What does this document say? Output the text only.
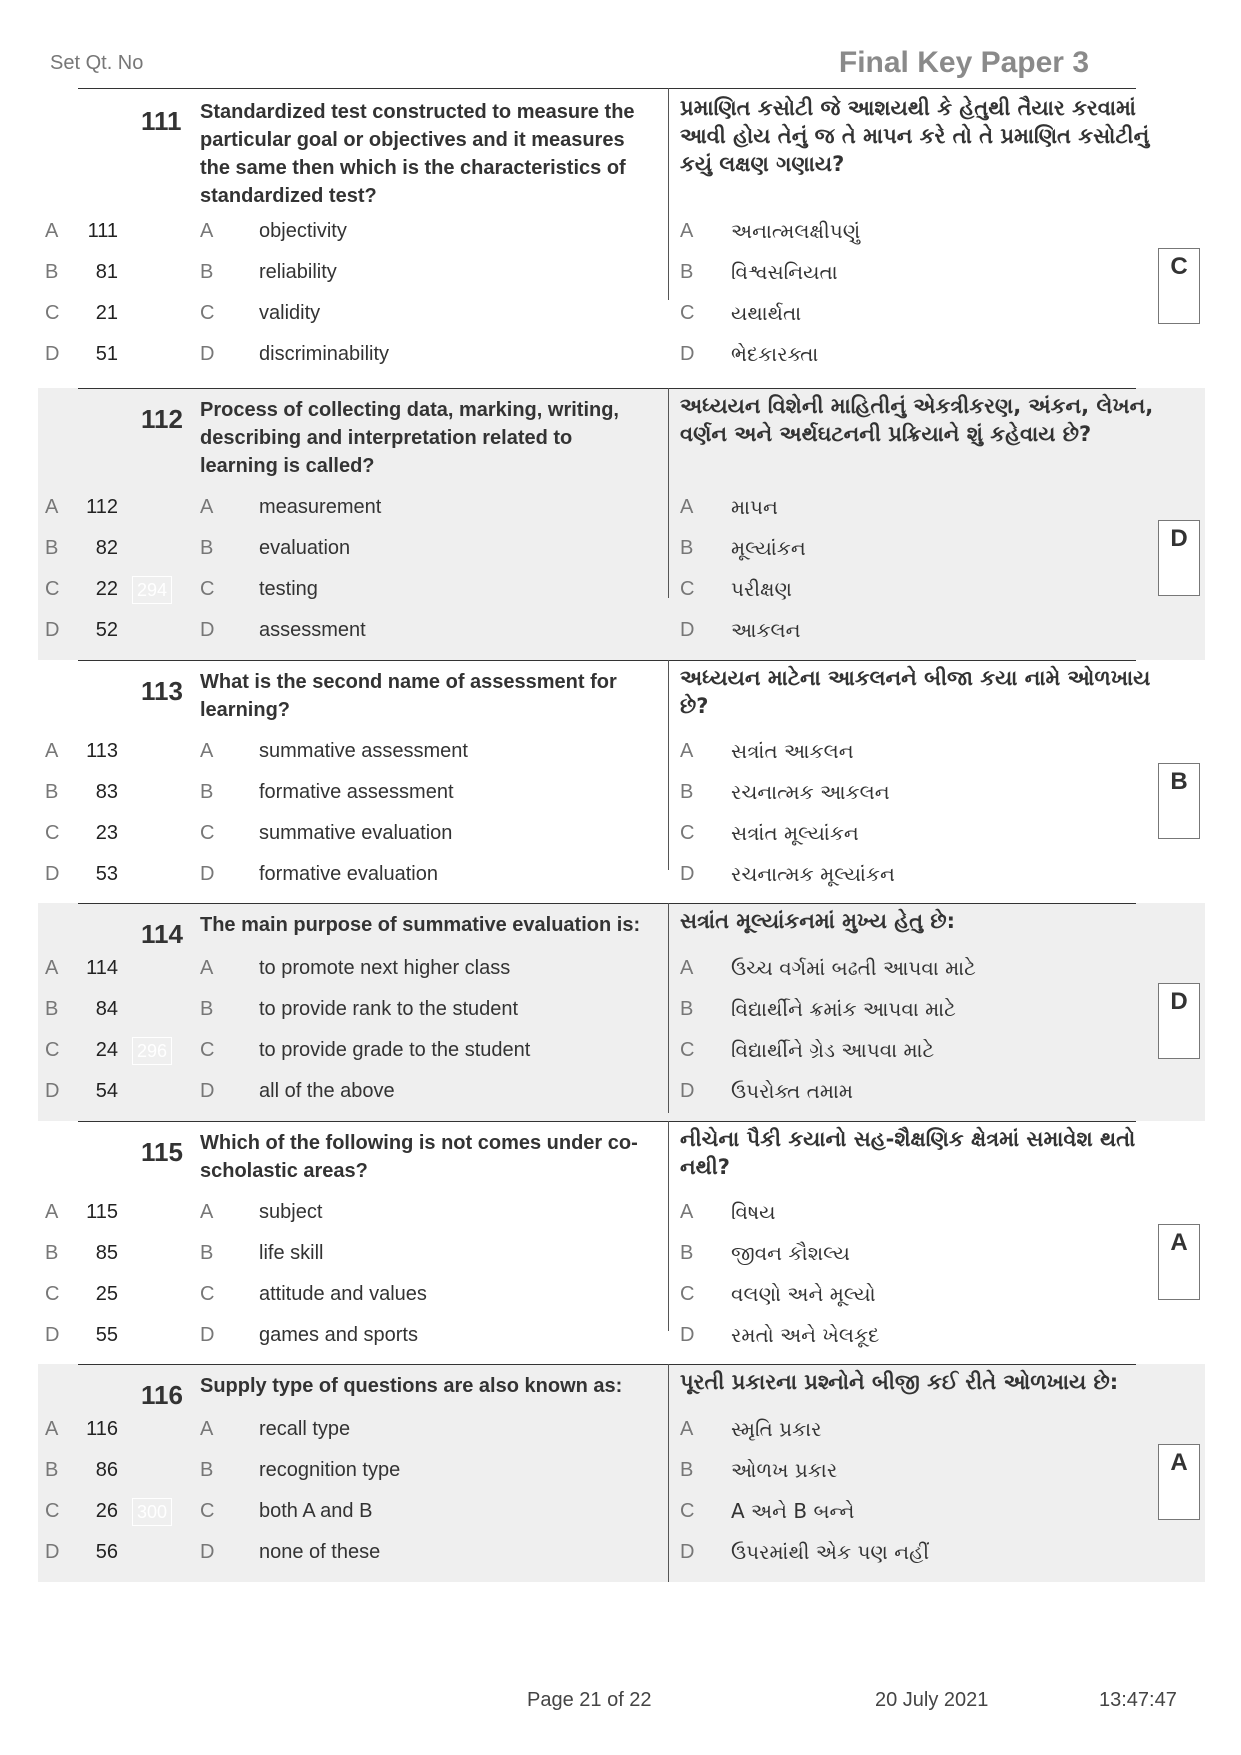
Set Qt. No	Final Key Paper 3
111 Standardized test constructed to measure the particular goal or objectives and it measures the same then which is the characteristics of standardized test?
પ્રમાણિત કસોટી જે આશયથી કે હેતુથી તૈયાર કરવામાં આવી હોય તેનું જ તે માપન કરે તો તે પ્રમાણિત કસોટીનું કયું લક્ષણ ગણાય?
A	111	A objectivity	A અનાત્મલક્ષીપણું
B	81	B reliability	B વિશ્વસનિયતા
C	21	C validity	C યથાર્થતા
D	51	D discriminability	D ભેદકારક્તા
C
112 Process of collecting data, marking, writing, describing and interpretation related to learning is called?
અધ્યયન વિશેની માહિતીનું એકત્રીકરણ, અંકન, લેખન, વર્ણન અને અર્થઘટનની પ્રક્રિયાને શું કહેવાય છે?
A	112	A measurement	A માપન
B	82	B evaluation	B મૂલ્યાંકન
C	22	C testing	C પરીક્ષણ
D	52	D assessment	D આકલન
294
D
113 What is the second name of assessment for learning?
અધ્યયન માટેના આકલનને બીજા કયા નામે ઓળખાય છે?
A	113	A summative assessment	A સત્રાંત આકલન
B	83	B formative assessment	B રચનાત્મક આકલન
C	23	C summative evaluation	C સત્રાંત મૂલ્યાંકન
D	53	D formative evaluation	D રચનાત્મક મૂલ્યાંકન
B
114 The main purpose of summative evaluation is:	સત્રાંત મૂલ્યાંકનમાં મુખ્ય હેતુ છે:
A	114	A to promote next higher class	A ઉચ્ચ વર્ગમાં બઢતી આપવા માટે
B	84	B to provide rank to the student	B વિદ્યાર્થીને ક્રમાંક આપવા માટે
C	24	C to provide grade to the student	C વિદ્યાર્થીને ગ્રેડ આપવા માટે
D	54	D all of the above	D ઉપરોક્ત તમામ
296
D
115 Which of the following is not comes under co-scholastic areas?
નીચેના પૈકી કયાનો સહ-શૈક્ષણિક ક્ષેત્રમાં સમાવેશ થતો નથી?
A	115	A subject	A વિષય
B	85	B life skill	B જીવન કૌશલ્ય
C	25	C attitude and values	C વલણો અને મૂલ્યો
D	55	D games and sports	D રમતો અને ખેલકૂદ
A
116 Supply type of questions are also known as:	પૂરતી પ્રકારના પ્રશ્નોને બીજી કઈ રીતે ઓળખાય છે:
A	116	A recall type	A સ્મૃતિ પ્રકાર
B	86	B recognition type	B ઓળખ પ્રકાર
C	26	C both A and B	C A અને B બન્ને
D	56	D none of these	D ઉપરમાંથી એક પણ નહીં
300
A
Page 21 of 22	20 July 2021	13:47:47
